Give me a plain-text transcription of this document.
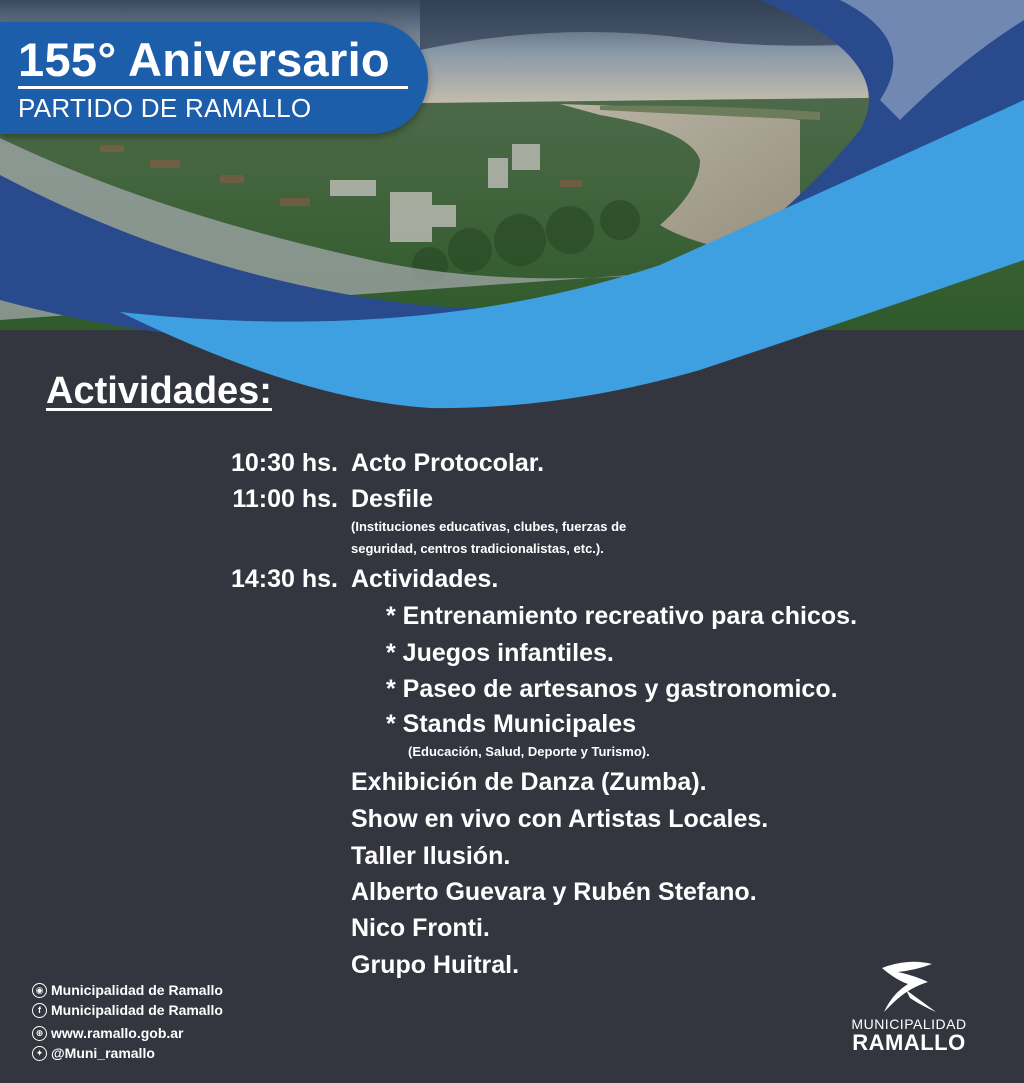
155° Aniversario
PARTIDO DE RAMALLO
Actividades:
10:30 hs. Acto Protocolar.
11:00 hs. Desfile
(Instituciones educativas, clubes, fuerzas de
seguridad, centros tradicionalistas, etc.).
14:30 hs. Actividades.
* Entrenamiento recreativo para chicos.
* Juegos infantiles.
* Paseo de artesanos y gastronomico.
* Stands Municipales
(Educación, Salud, Deporte y Turismo).
Exhibición de Danza (Zumba).
Show en vivo con Artistas Locales.
Taller Ilusión.
Alberto Guevara y Rubén Stefano.
Nico Fronti.
Grupo Huitral.
◉ Municipalidad de Ramallo
f Municipalidad de Ramallo
⊕ www.ramallo.gob.ar
✦ @Muni_ramallo
MUNICIPALIDAD
RAMALLO
